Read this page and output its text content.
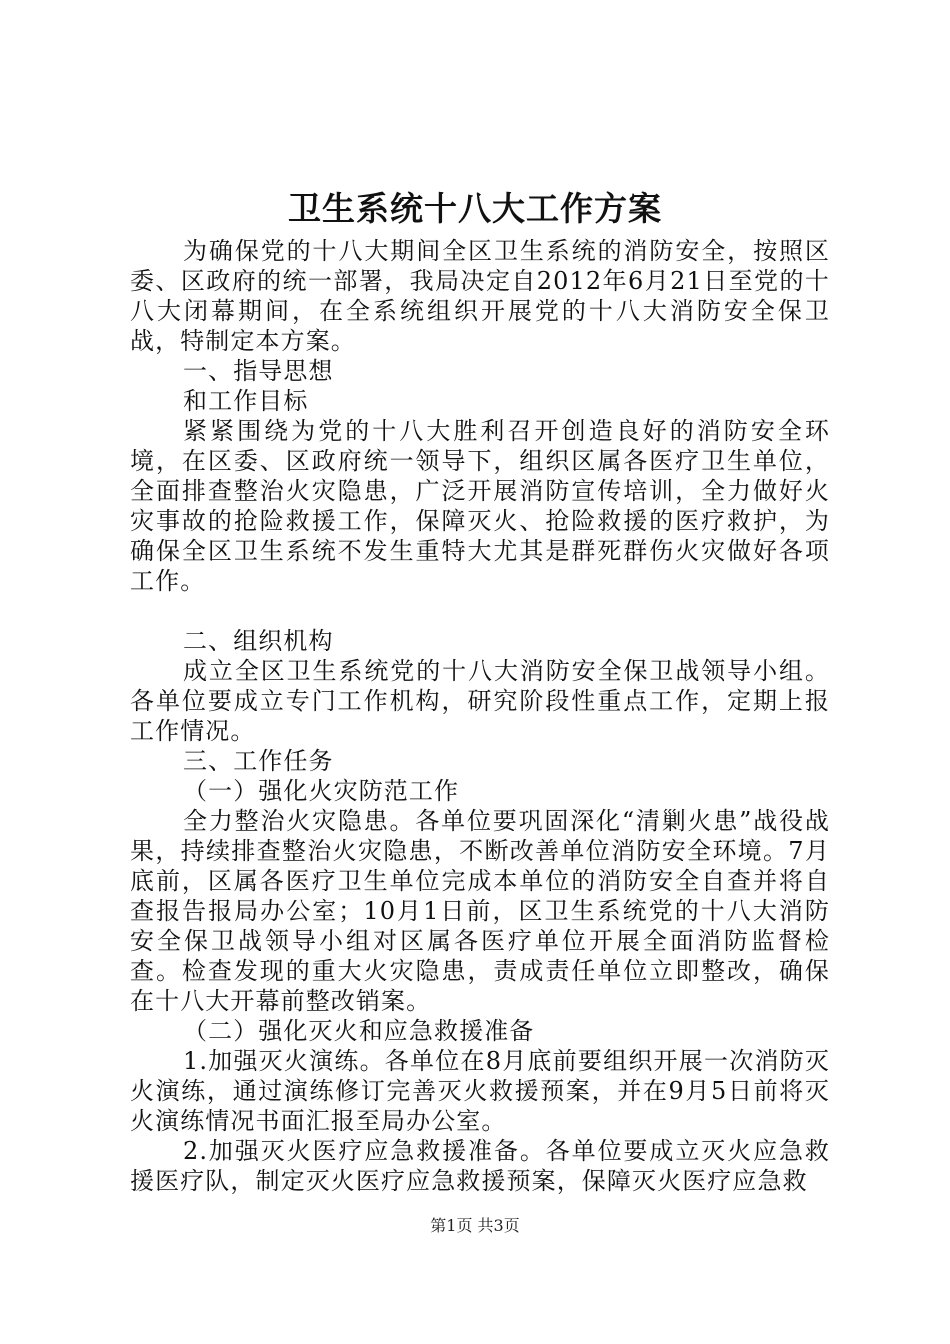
卫生系统十八大工作方案

为确保党的十八大期间全区卫生系统的消防安全，按照区委、区政府的统一部署，我局决定自2012年6月21日至党的十八大闭幕期间，在全系统组织开展党的十八大消防安全保卫战，特制定本方案。

一、指导思想

和工作目标

紧紧围绕为党的十八大胜利召开创造良好的消防安全环境，在区委、区政府统一领导下，组织区属各医疗卫生单位，全面排查整治火灾隐患，广泛开展消防宣传培训，全力做好火灾事故的抢险救援工作，保障灭火、抢险救援的医疗救护，为确保全区卫生系统不发生重特大尤其是群死群伤火灾做好各项工作。

二、组织机构

成立全区卫生系统党的十八大消防安全保卫战领导小组。各单位要成立专门工作机构，研究阶段性重点工作，定期上报工作情况。

三、工作任务

（一）强化火灾防范工作

全力整治火灾隐患。各单位要巩固深化“清剿火患”战役战果，持续排查整治火灾隐患，不断改善单位消防安全环境。7月底前，区属各医疗卫生单位完成本单位的消防安全自查并将自查报告报局办公室；10月1日前，区卫生系统党的十八大消防安全保卫战领导小组对区属各医疗单位开展全面消防监督检查。检查发现的重大火灾隐患，责成责任单位立即整改，确保在十八大开幕前整改销案。

（二）强化灭火和应急救援准备

1.加强灭火演练。各单位在8月底前要组织开展一次消防灭火演练，通过演练修订完善灭火救援预案，并在9月5日前将灭火演练情况书面汇报至局办公室。

2.加强灭火医疗应急救援准备。各单位要成立灭火应急救援医疗队，制定灭火医疗应急救援预案，保障灭火医疗应急救

第1页 共3页
